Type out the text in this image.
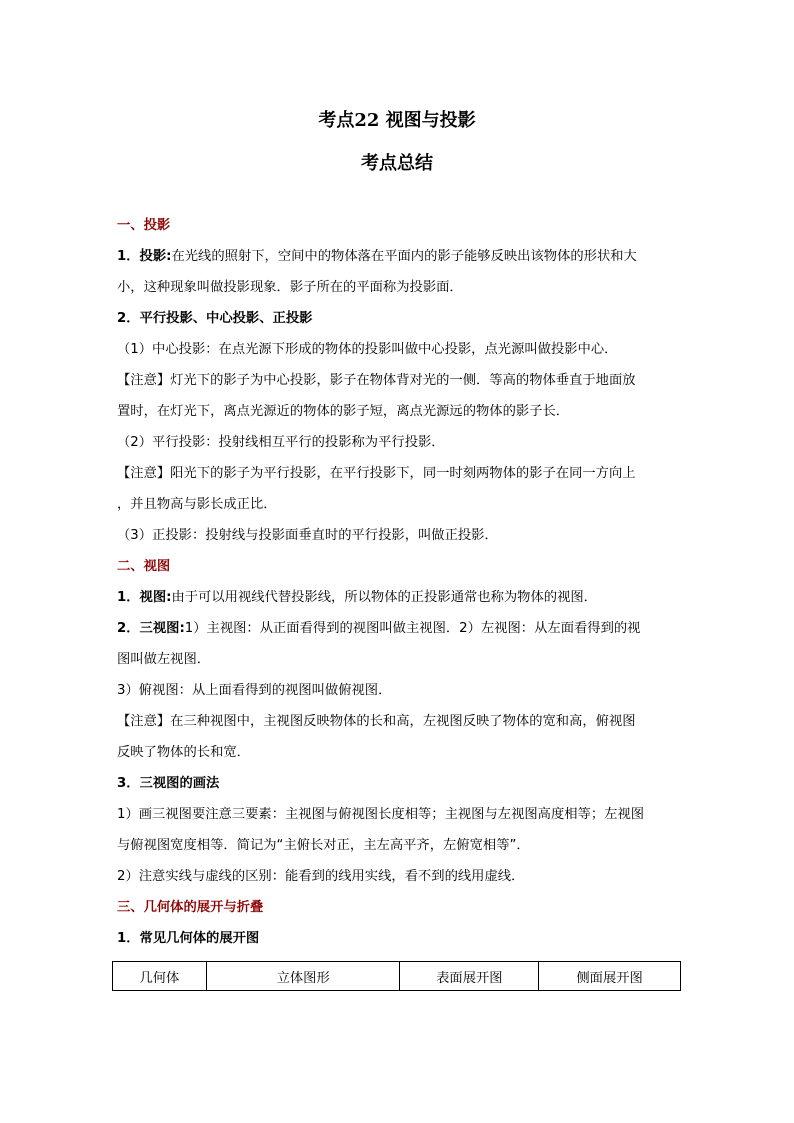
考点22 视图与投影
考点总结
一、投影
1．投影:在光线的照射下，空间中的物体落在平面内的影子能够反映出该物体的形状和大
小，这种现象叫做投影现象．影子所在的平面称为投影面．
2．平行投影、中心投影、正投影
（1）中心投影：在点光源下形成的物体的投影叫做中心投影，点光源叫做投影中心．
【注意】灯光下的影子为中心投影，影子在物体背对光的一侧．等高的物体垂直于地面放
置时，在灯光下，离点光源近的物体的影子短，离点光源远的物体的影子长．
（2）平行投影：投射线相互平行的投影称为平行投影．
【注意】阳光下的影子为平行投影，在平行投影下，同一时刻两物体的影子在同一方向上
，并且物高与影长成正比．
（3）正投影：投射线与投影面垂直时的平行投影，叫做正投影．
二、视图
1．视图:由于可以用视线代替投影线，所以物体的正投影通常也称为物体的视图．
2．三视图:1）主视图：从正面看得到的视图叫做主视图．2）左视图：从左面看得到的视
图叫做左视图．
3）俯视图：从上面看得到的视图叫做俯视图．
【注意】在三种视图中，主视图反映物体的长和高，左视图反映了物体的宽和高，俯视图
反映了物体的长和宽．
3．三视图的画法
1）画三视图要注意三要素：主视图与俯视图长度相等；主视图与左视图高度相等；左视图
与俯视图宽度相等．简记为“主俯长对正，主左高平齐，左俯宽相等”．
2）注意实线与虚线的区别：能看到的线用实线，看不到的线用虚线．
三、几何体的展开与折叠
1．常见几何体的展开图
几何体	立体图形	表面展开图	侧面展开图
